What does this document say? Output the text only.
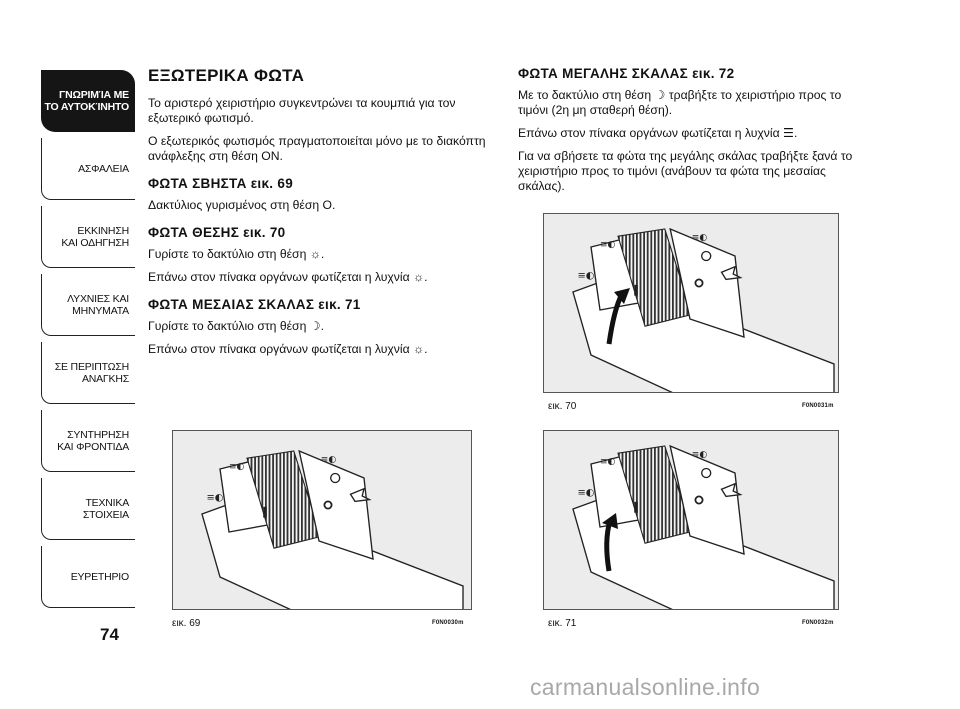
ΓΝΩΡΙΜΊΑ ΜΕ
ΤΟ ΑΥΤΟΚΊΝΗΤΟ
ΑΣΦΑΛΕΙΑ
ΕΚΚΙΝΗΣΗ
ΚΑΙ ΟΔΗΓΗΣΗ
ΛΥΧΝΙΕΣ ΚΑΙ
ΜΗΝΥΜΑΤΑ
ΣΕ ΠΕΡΙΠΤΩΣΗ
ΑΝΑΓΚΗΣ
ΣΥΝΤΗΡΗΣΗ
ΚΑΙ ΦΡΟΝΤΙΔΑ
ΤΕΧΝΙΚΑ
ΣΤΟΙΧΕΙΑ
ΕΥΡΕΤΗΡΙΟ
74
ΕΞΩΤΕΡΙΚΑ ΦΩΤΑ

Το αριστερό χειριστήριο συγκεντρώνει τα κουμπιά για τον εξωτερικό φωτισμό.

Ο εξωτερικός φωτισμός πραγματοποιείται μόνο με το διακόπτη ανάφλεξης στη θέση ON.

ΦΩΤΑ ΣΒΗΣΤΑ εικ. 69

Δακτύλιος γυρισμένος στη θέση O.

ΦΩΤΑ ΘΕΣΗΣ εικ. 70

Γυρίστε το δακτύλιο στη θέση ☼.

Επάνω στον πίνακα οργάνων φωτίζεται η λυχνία ☼.

ΦΩΤΑ ΜΕΣΑΙΑΣ ΣΚΑΛΑΣ εικ. 71

Γυρίστε το δακτύλιο στη θέση ☽.

Επάνω στον πίνακα οργάνων φωτίζεται η λυχνία ☼.

ΦΩΤΑ ΜΕΓΑΛΗΣ ΣΚΑΛΑΣ εικ. 72

Με το δακτύλιο στη θέση ☽ τραβήξτε το χειριστήριο προς το τιμόνι (2η μη σταθερή θέση).

Επάνω στον πίνακα οργάνων φωτίζεται η λυχνία ☰.

Για να σβήσετε τα φώτα της μεγάλης σκάλας τραβήξτε ξανά το χειριστήριο προς το τιμόνι (ανάβουν τα φώτα της μεσαίας σκάλας).

εικ. 69	F0N0030m
εικ. 70	F0N0031m
εικ. 71	F0N0032m
carmanualsonline.info
